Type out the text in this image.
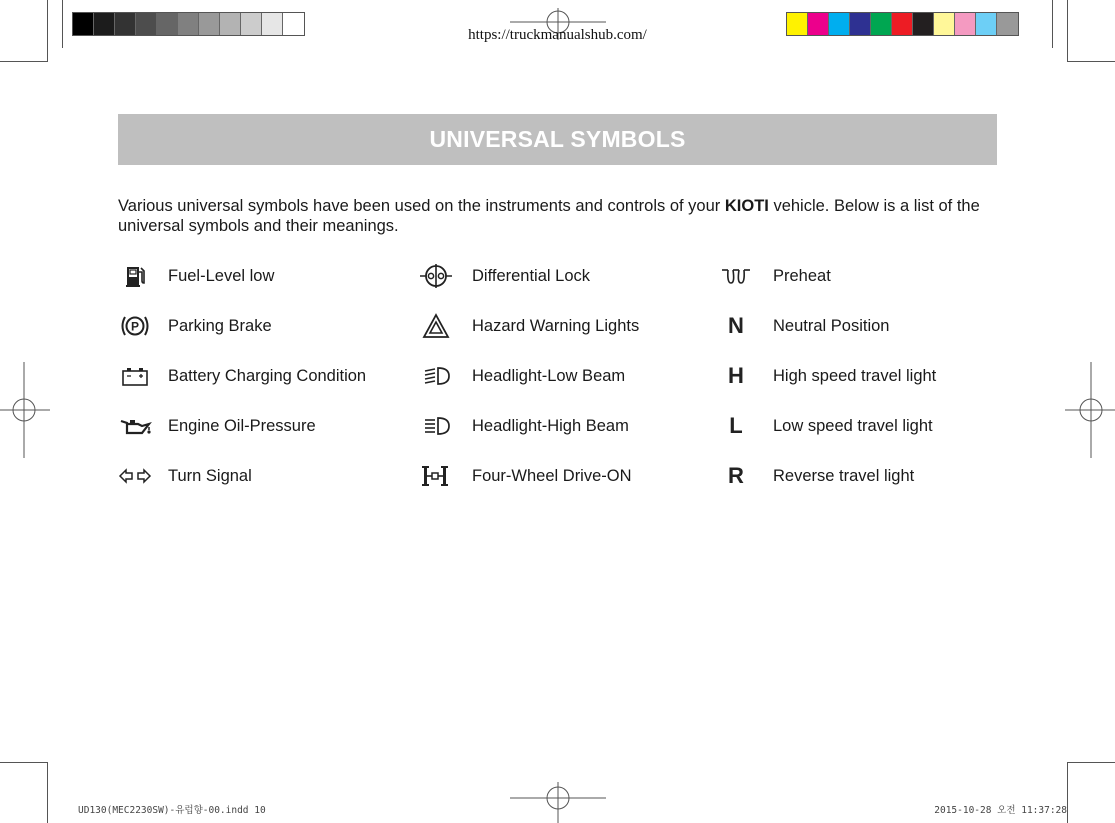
https://truckmanualshub.com/
UNIVERSAL SYMBOLS
Various universal symbols have been used on the instruments and controls of your KIOTI vehicle. Below is a list of the universal symbols and their meanings.
Fuel-Level low
P Parking Brake
Battery Charging Condition
Engine Oil-Pressure
Turn Signal
Differential Lock
Hazard Warning Lights
Headlight-Low Beam
Headlight-High Beam
Four-Wheel Drive-ON
Preheat
N	Neutral Position
H	High speed travel light
L	Low speed travel light
R	Reverse travel light
UD130(MEC2230SW)-유럽향-00.indd 10	2015-10-28 오전 11:37:28
